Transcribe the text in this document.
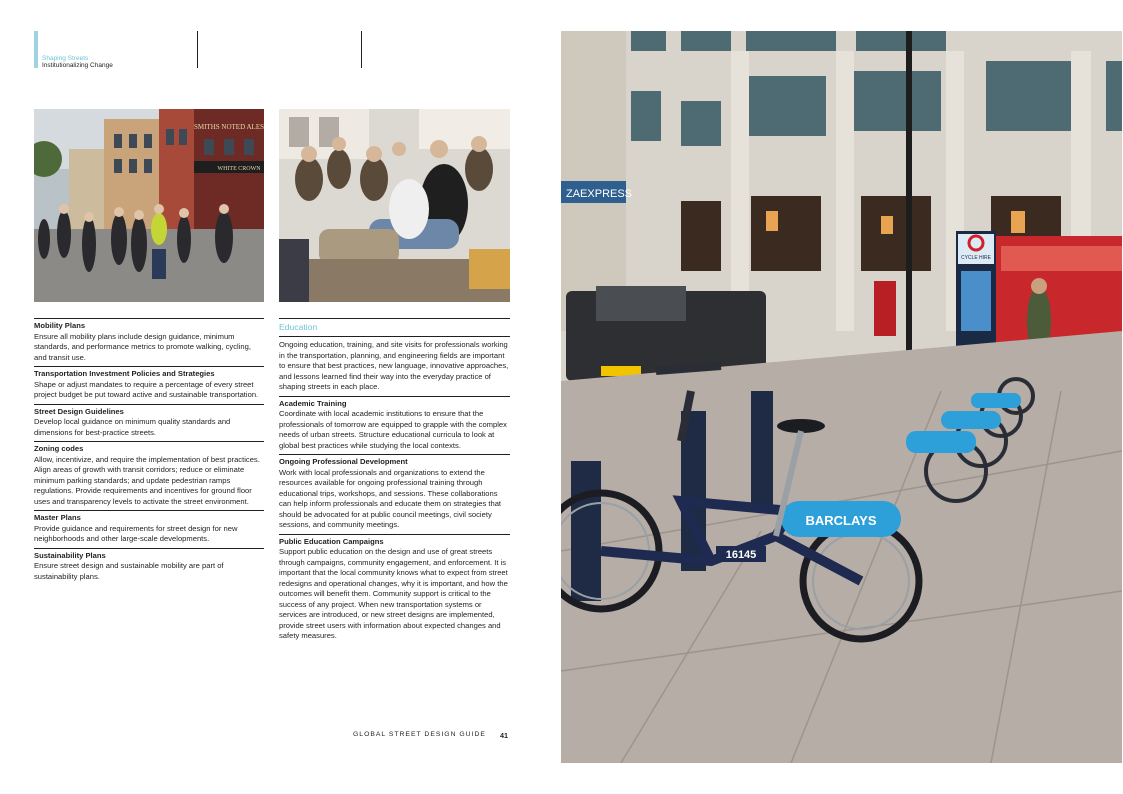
Shaping Streets
Institutionalizing Change
SMITHS NOTED ALES
WHITE CROWN
Mobility Plans
Ensure all mobility plans include design guidance, minimum standards, and performance metrics to promote walking, cycling, and transit use.
Transportation Investment Policies and Strategies
Shape or adjust mandates to require a percentage of every street project budget be put toward active and sustainable transportation.
Street Design Guidelines
Develop local guidance on minimum quality standards and dimensions for best-practice streets.
Zoning codes
Allow, incentivize, and require the implementation of best practices. Align areas of growth with transit corridors; reduce or eliminate minimum parking standards; and update pedestrian ramps regulations. Provide requirements and incentives for ground floor uses and transparency levels to activate the street environment.
Master Plans
Provide guidance and requirements for street design for new neighborhoods and other large-scale developments.
Sustainability Plans
Ensure street design and sustainable mobility are part of sustainability plans.
Education
Ongoing education, training, and site visits for professionals working in the transportation, planning, and engineering fields are important to ensure that best practices, new language, innovative approaches, and lessons learned find their way into the everyday practice of shaping streets in each place.
Academic Training
Coordinate with local academic institutions to ensure that the professionals of tomorrow are equipped to grapple with the complex needs of urban streets. Structure educational curricula to look at global best practices while studying the local contexts.
Ongoing Professional Development
Work with local professionals and organizations to extend the resources available for ongoing professional training through educational trips, workshops, and sessions. These collaborations can help inform professionals and educate them on strategies that should be advocated for at public council meetings, civil society sessions, and community meetings.
Public Education Campaigns
Support public education on the design and use of great streets through campaigns, community engagement, and enforcement. It is important that the local community knows what to expect from street redesigns and operational changes, why it is important, and how the outcomes will benefit them. Community support is critical to the success of any project. When new transportation systems or services are introduced, or new street designs are implemented, provide street users with information about expected changes and safety measures.
GLOBAL STREET DESIGN GUIDE 41
ZAEXPRESS
CYCLE HIRE
BARCLAYS
16145
